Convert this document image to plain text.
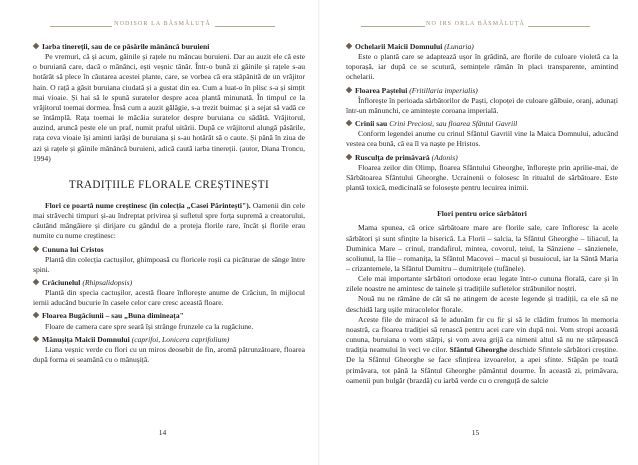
NODISOR LA BĂSMĂLUȚĂ

Iarba tinereții, sau de ce păsările mănâncă buruieni

Pe vremuri, că și acum, găinile și rațele nu mâncau buruieni. Dar au auzit ele că este o buruiană care, dacă o mănânci, ești veșnic tânăr. Într-o bună zi găinile și rațele s-au hotărât să plece în căutarea acestei plante, care, se vorbea că era stăpânită de un vrăjitor hain. O rață a găsit buruiana ciudată și a gustat din ea. Cum a luat-o în plisc s-a și simțit mai vioaie. Și hai să le spună suratelor despre acea plantă minunată. În timpul ce la vrăjitorul toemai dormea. Însă cum a auzit gălăgie, s-a trezit buimac și a sejat să vadă ce se întâmplă. Rața toemai le măcăia suratelor despre buruiana cu sădătă. Vrăjitorul, auzind, aruncă peste ele un praf, numit praful uitării. După ce vrăjitorul alungă păsările, rața ceva vioaie își aminti iarăși de buruiana și s-au hotărât să o caute. Și până în ziua de azi și rațele și găinile mănâncă buruieni, adică caută iarba tinereții. (autor, Diana Troncu, 1994)

TRADIȚIILE FLORALE CREȘTINEȘTI

Flori ce poartă nume creștinesc (în colecția „Casei Părintești"). Oamenii din cele mai străvechi timpuri și-au îndreptat privirea și sufletul spre forța supremă a creatorului, căutând mângâiere și dirijare cu gândul de a proteja florile rare, încât și florile erau numite cu nume creștinesc:

Cununa lui Cristos

Plantă din colecția cactușilor, ghimpoasă cu floricele roșii ca picăturae de sânge între spini.

Crăciunelul (Rhipsalidopsis)

Plantă din specia cactușilor, acestă floare înflorește anume de Crăciun, în mijlocul iernii aducând bucurie în casele celor care cresc această floare.

Floarea Bugăciunii – sau „Buna dimineața"

Floare de camera care spre seară își strânge frunzele ca la rugăciune.

Mânușița Maicii Domnului (caprifoi, Lonicera caprifolium)

Liana veșnic verde cu flori cu un miros deosebit de fin, aromă pătrunzătoare, floarea după forma ei seamănă cu o mânușiță.

14
NO IRS ORLA BĂSMĂLUȚĂ

Ochelarii Maicii Domnului (Lunaria)

Este o plantă care se adaptează ușor în grădină, are florile de culoare violetă ca la toporașă, iar după ce se scuturâ, semințele rămân în placi transparente, amintind ochelarii.

Floarea Paștelui (Fritillaria imperialis)

Înflorește în perioada sărbătorilor de Paști, clopoței de culoare gălbuie, oranj, adunați într-un mănunchi, ce amintește coroana imperială.

Crinii sau Crini Preciosi, sau floarea Sfântul Gavriil

Conform legendei anume cu crinul Sfântul Gavriil vine la Maica Domnului, aducând vestea cea bună, că ea îl va naște pe Hristos.

Rusculța de primăvară (Adonis)

Floarea zeilor din Olimp, floarea Sfântului Gheorghe, înflorește prin aprilie-mai, de Sărbătoarea Sfântului Gheorghe. Ucrainenii o folosesc în ritualul de sărbătoare. Este plantă toxică, medicinală se folosește pentru lecuirea inimii.

Flori pentru orice sărbători

Mama spunea, că orice sărbătoare mare are florile sale, care înfloresc la acele sărbători și sunt sfințite la biserică. La Florii – salcia, la Sfântul Gheorghe – liliacul, la Duminica Mare – crinul, trandafirul, mintea, covorul, teiul, la Sânziene – sânzienele, scoliunul, la Ilie – romanița, la Sfântul Macovei – macul și busuiocul, iar la Sântă Maria – crizantemele, la Sfântul Dumitru – dumitrițele (tufănele).

Cele mai importante sărbători ortodoxe erau legate într-o cununa florală, care și în zilele noastre ne amintesc de tainele și tradițiile sufletelor străbunilor noștri.

Nouă nu ne rămâne de cât să ne atingem de aceste legende și tradiții, ca ele să ne deschidă larg ușile miracolelor florale.

Aceste file de miracol să le adunăm fir cu fir și să le clădim frumos în memoria noastră, ca floarea tradiției să renască pentru acei care vin după noi. Vom stropi această cununa, buruiana o vom stârpi, și vom avea grijă ca nimeni altul să nu ne stârpească tradiția neamului în veci ve cilor. Sfântul Gheorghe deschide Sfintele sărbători creștine. De la Sfântul Gheorghe se face sfințirea izvoarelor, a apei sfinte. Stăpân pe toată primăvara, tot până la Sfântul Gheorghe pământul dourme. În această zi, primăvara, oamenii pun bulgăr (brazdă) cu iarbă verde cu o crenguță de salcie

15
